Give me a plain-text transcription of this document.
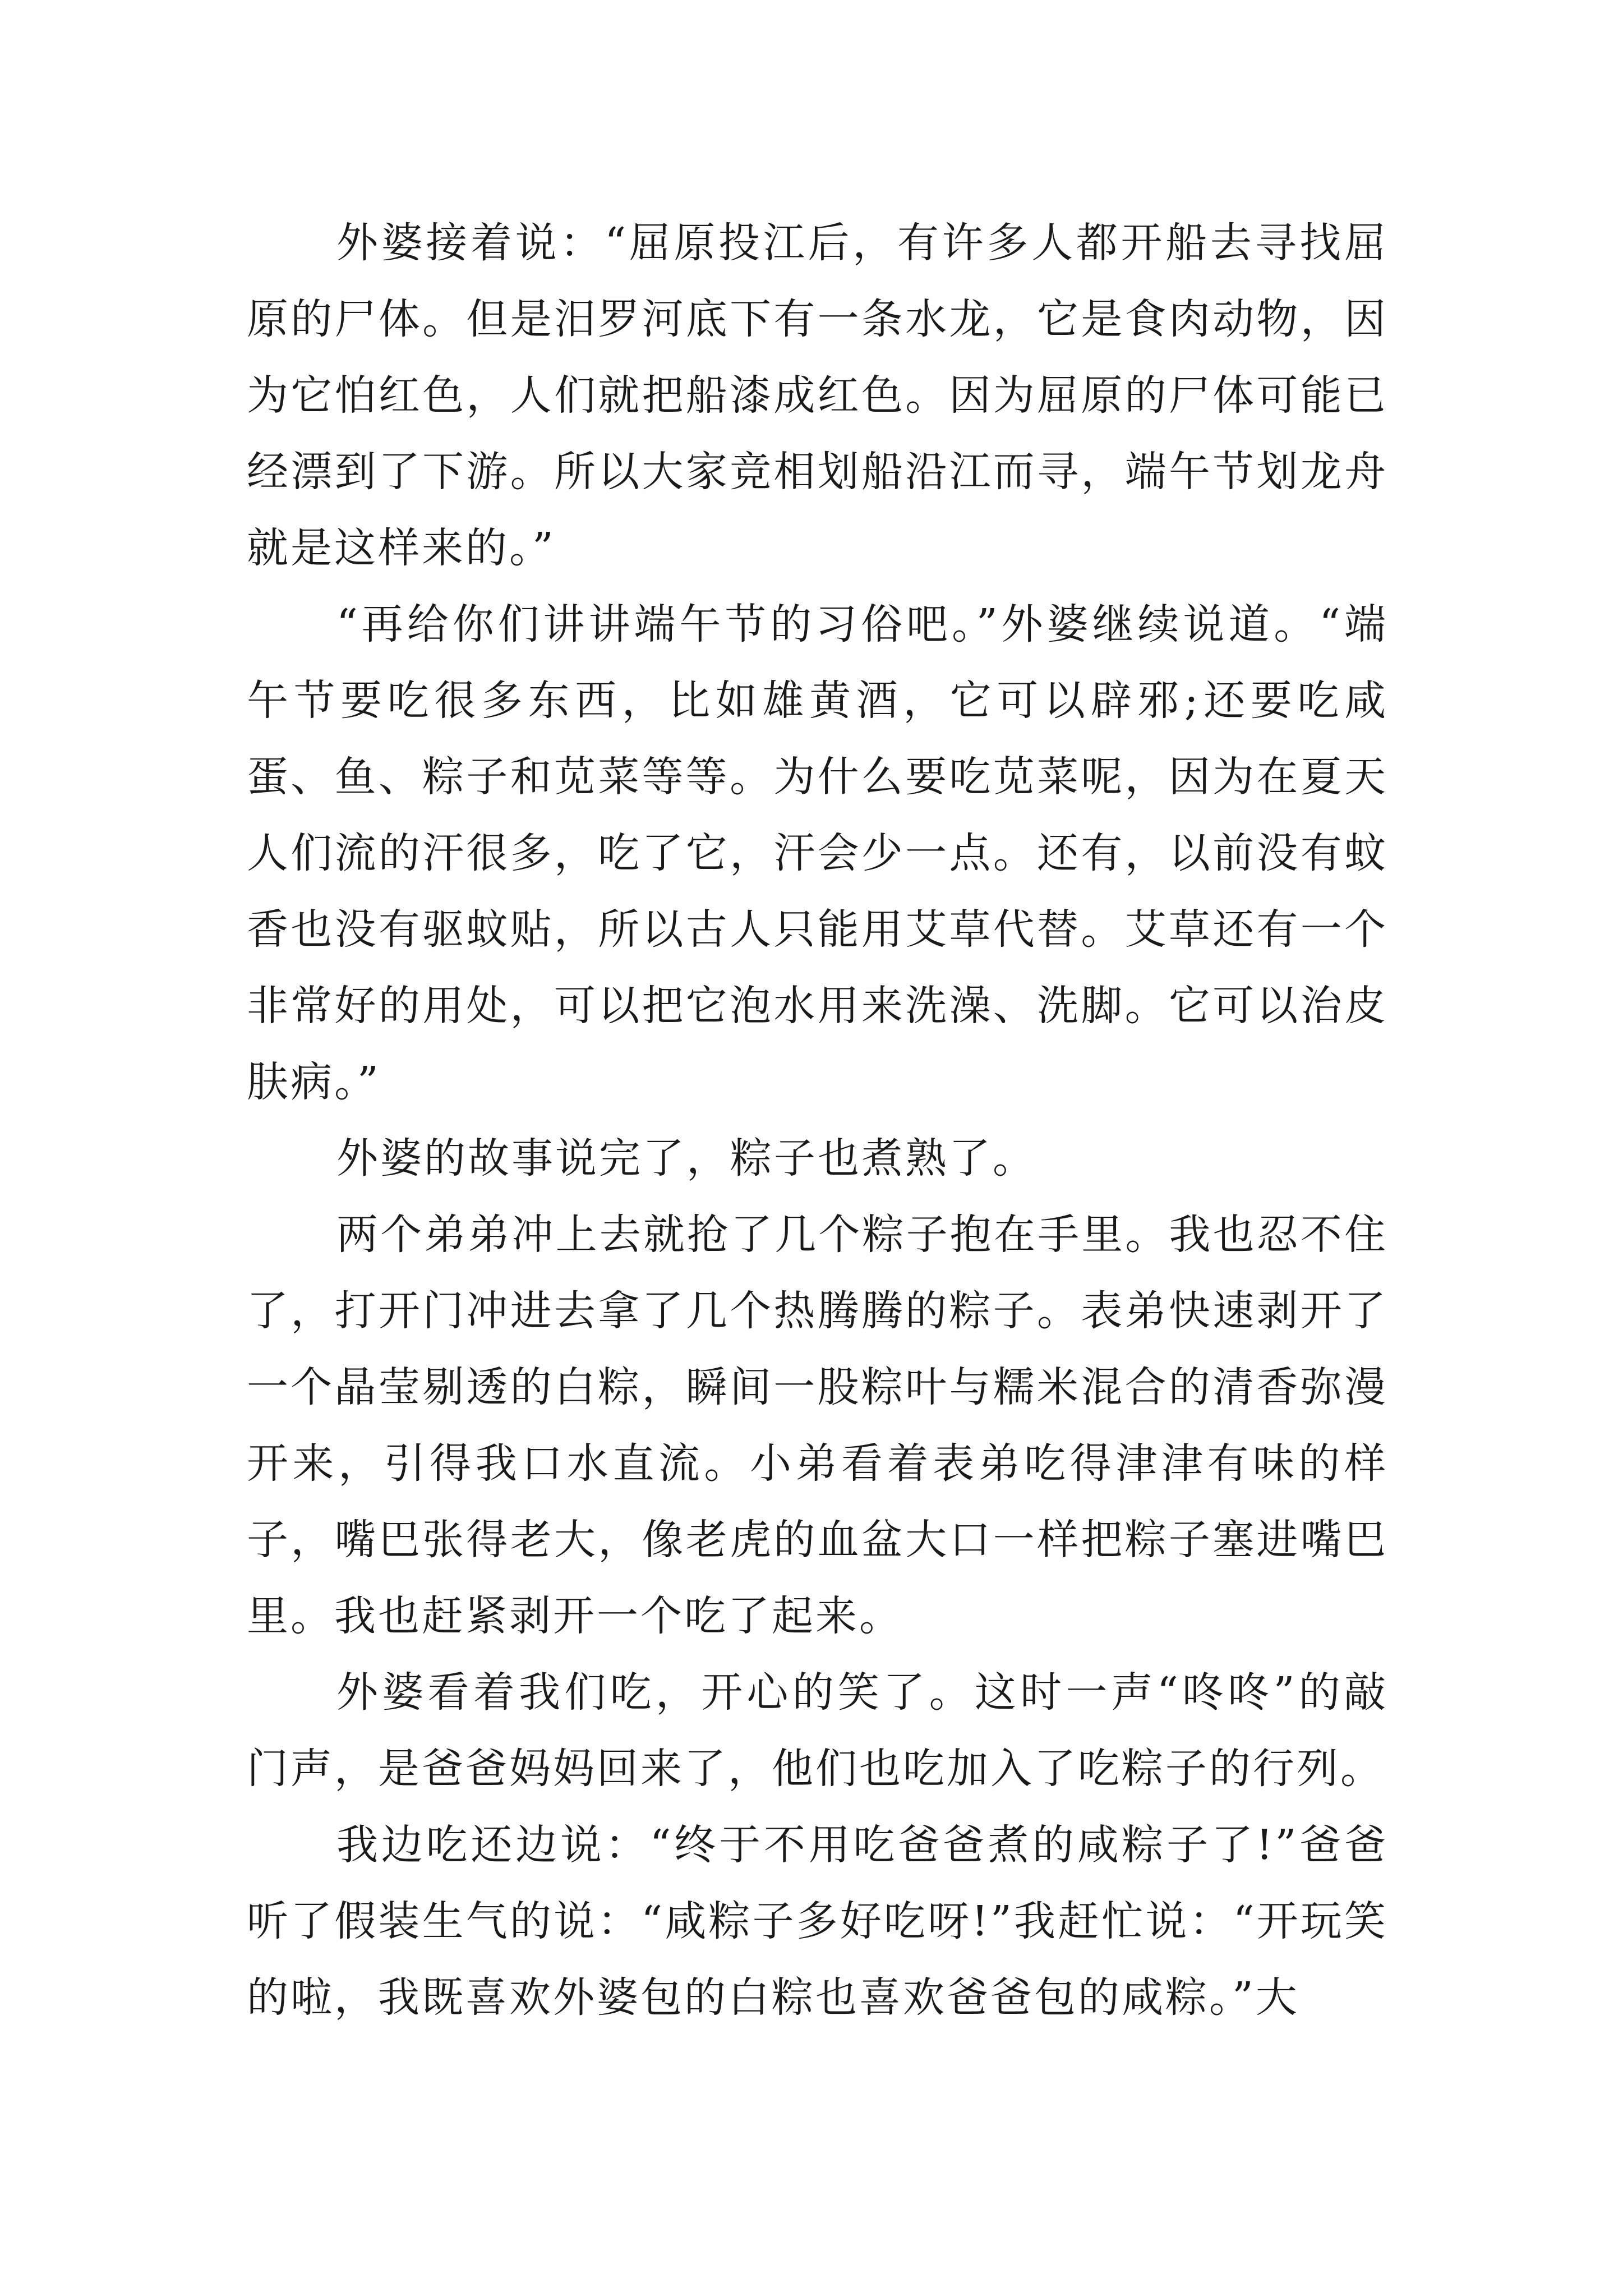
外婆接着说：“屈原投江后，有许多人都开船去寻找屈原的尸体。但是汨罗河底下有一条水龙，它是食肉动物，因为它怕红色，人们就把船漆成红色。因为屈原的尸体可能已经漂到了下游。所以大家竞相划船沿江而寻，端午节划龙舟就是这样来的。”

“再给你们讲讲端午节的习俗吧。”外婆继续说道。“端午节要吃很多东西，比如雄黄酒，它可以辟邪;还要吃咸蛋、鱼、粽子和苋菜等等。为什么要吃苋菜呢，因为在夏天人们流的汗很多，吃了它，汗会少一点。还有，以前没有蚊香也没有驱蚊贴，所以古人只能用艾草代替。艾草还有一个非常好的用处，可以把它泡水用来洗澡、洗脚。它可以治皮肤病。”

外婆的故事说完了，粽子也煮熟了。

两个弟弟冲上去就抢了几个粽子抱在手里。我也忍不住了，打开门冲进去拿了几个热腾腾的粽子。表弟快速剥开了一个晶莹剔透的白粽，瞬间一股粽叶与糯米混合的清香弥漫开来，引得我口水直流。小弟看着表弟吃得津津有味的样子，嘴巴张得老大，像老虎的血盆大口一样把粽子塞进嘴巴里。我也赶紧剥开一个吃了起来。

外婆看着我们吃，开心的笑了。这时一声“咚咚”的敲门声，是爸爸妈妈回来了，他们也吃加入了吃粽子的行列。

我边吃还边说：“终于不用吃爸爸煮的咸粽子了!”爸爸听了假装生气的说：“咸粽子多好吃呀!”我赶忙说：“开玩笑的啦，我既喜欢外婆包的白粽也喜欢爸爸包的咸粽。”大
